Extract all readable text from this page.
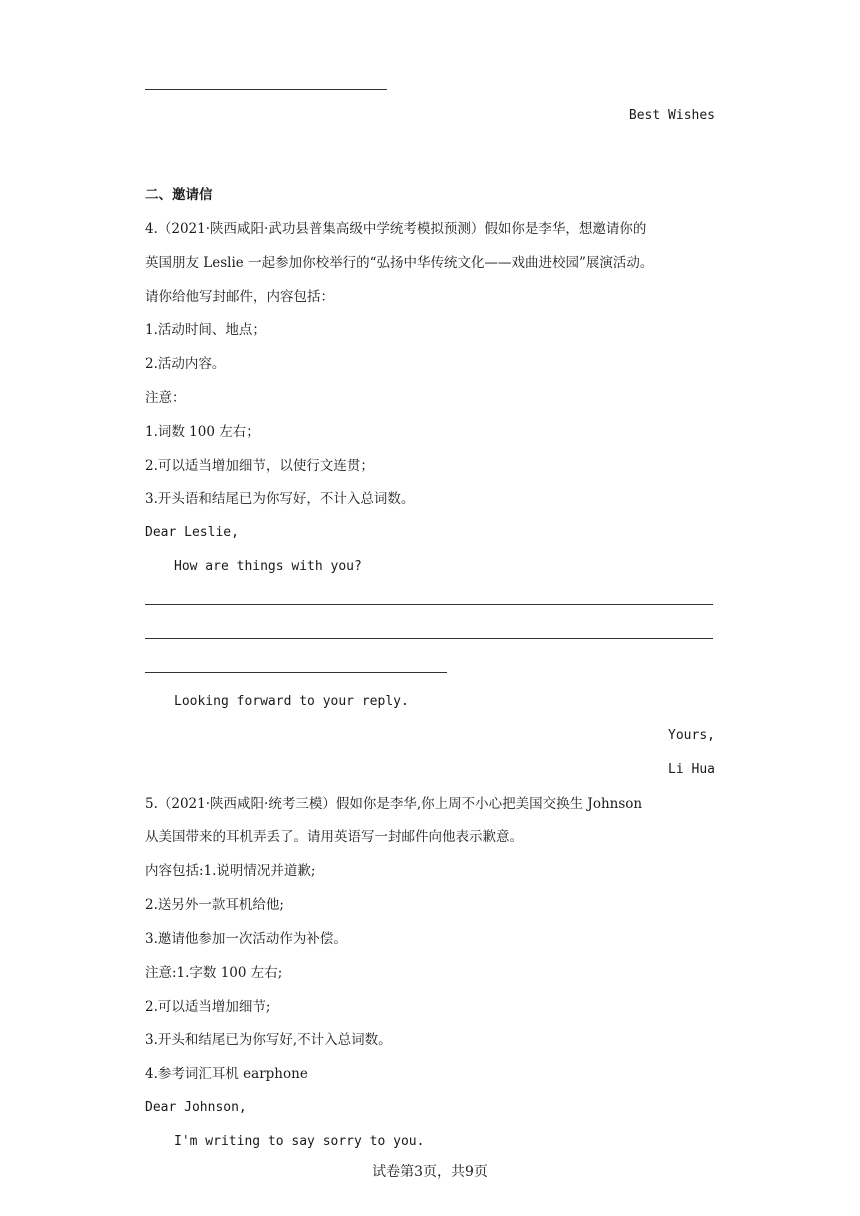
Best Wishes
二、邀请信
4.（2021·陕西咸阳·武功县普集高级中学统考模拟预测）假如你是李华，想邀请你的
英国朋友 Leslie 一起参加你校举行的“弘扬中华传统文化——戏曲进校园”展演活动。
请你给他写封邮件，内容包括：
1.活动时间、地点；
2.活动内容。
注意：
1.词数 100 左右；
2.可以适当增加细节，以使行文连贯；
3.开头语和结尾已为你写好，不计入总词数。
Dear Leslie,
How are things with you?
Looking forward to your reply.
Yours,
Li Hua
5.（2021·陕西咸阳·统考三模）假如你是李华,你上周不小心把美国交换生 Johnson
从美国带来的耳机弄丢了。请用英语写一封邮件向他表示歉意。
内容包括:1.说明情况并道歉;
2.送另外一款耳机给他;
3.邀请他参加一次活动作为补偿。
注意:1.字数 100 左右;
2.可以适当增加细节;
3.开头和结尾已为你写好,不计入总词数。
4.参考词汇耳机 earphone
Dear Johnson,
I'm writing to say sorry to you.
试卷第3页，共9页
